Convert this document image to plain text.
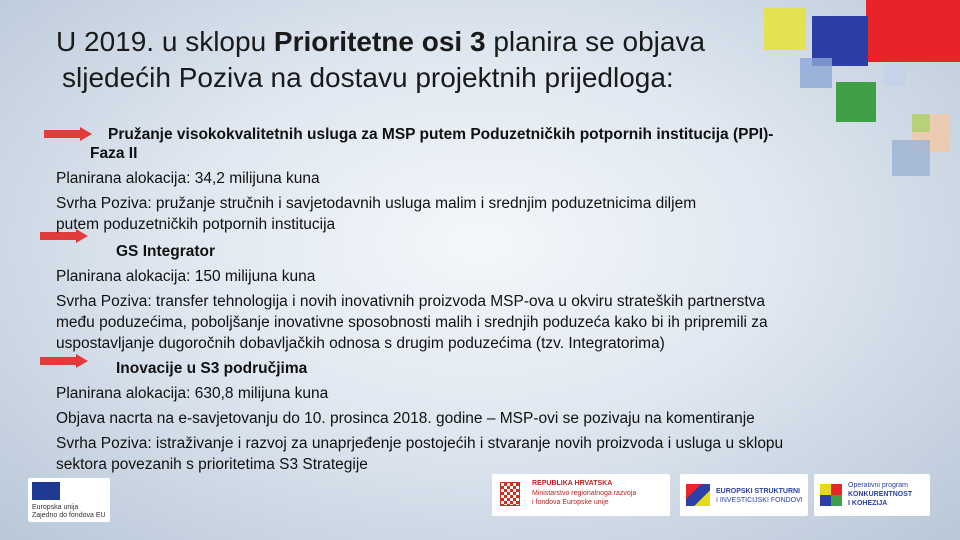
U 2019. u sklopu Prioritetne osi 3 planira se objava
sljedećih Poziva na dostavu projektnih prijedloga:
Pružanje visokokvalitetnih usluga za MSP putem Poduzetničkih potpornih institucija (PPI)-
Faza II
Planirana alokacija: 34,2 milijuna kuna
Svrha Poziva: pružanje stručnih i savjetodavnih usluga malim i srednjim poduzetnicima diljem
putem poduzetničkih potpornih institucija
GS Integrator
Planirana alokacija: 150 milijuna kuna
Svrha Poziva: transfer tehnologija i novih inovativnih proizvoda MSP-ova u okviru strateških partnerstva
među poduzećima, poboljšanje inovativne sposobnosti malih i srednjih poduzeća kako bi ih pripremili za
uspostavljanje dugoročnih dobavljačkih odnosa s drugim poduzećima (tzv. Integratorima)
Inovacije u S3 područjima
Planirana alokacija: 630,8 milijuna kuna
Objava nacrta na e-savjetovanju do 10. prosinca 2018. godine – MSP-ovi se pozivaju na komentiranje
Svrha Poziva: istraživanje i razvoj za unaprjeđenje postojećih i stvaranje novih proizvoda i usluga u sklopu
sektora povezanih s prioritetima S3 Strategije
Europska unija
Zajedno do fondova EU
REPUBLIKA HRVATSKA
Ministarstvo regionalnoga razvoja
i fondova Europske unije
EUROPSKI STRUKTURNI
I INVESTICIJSKI FONDOVI
Operativni program
KONKURENTNOST
I KOHEZIJA
